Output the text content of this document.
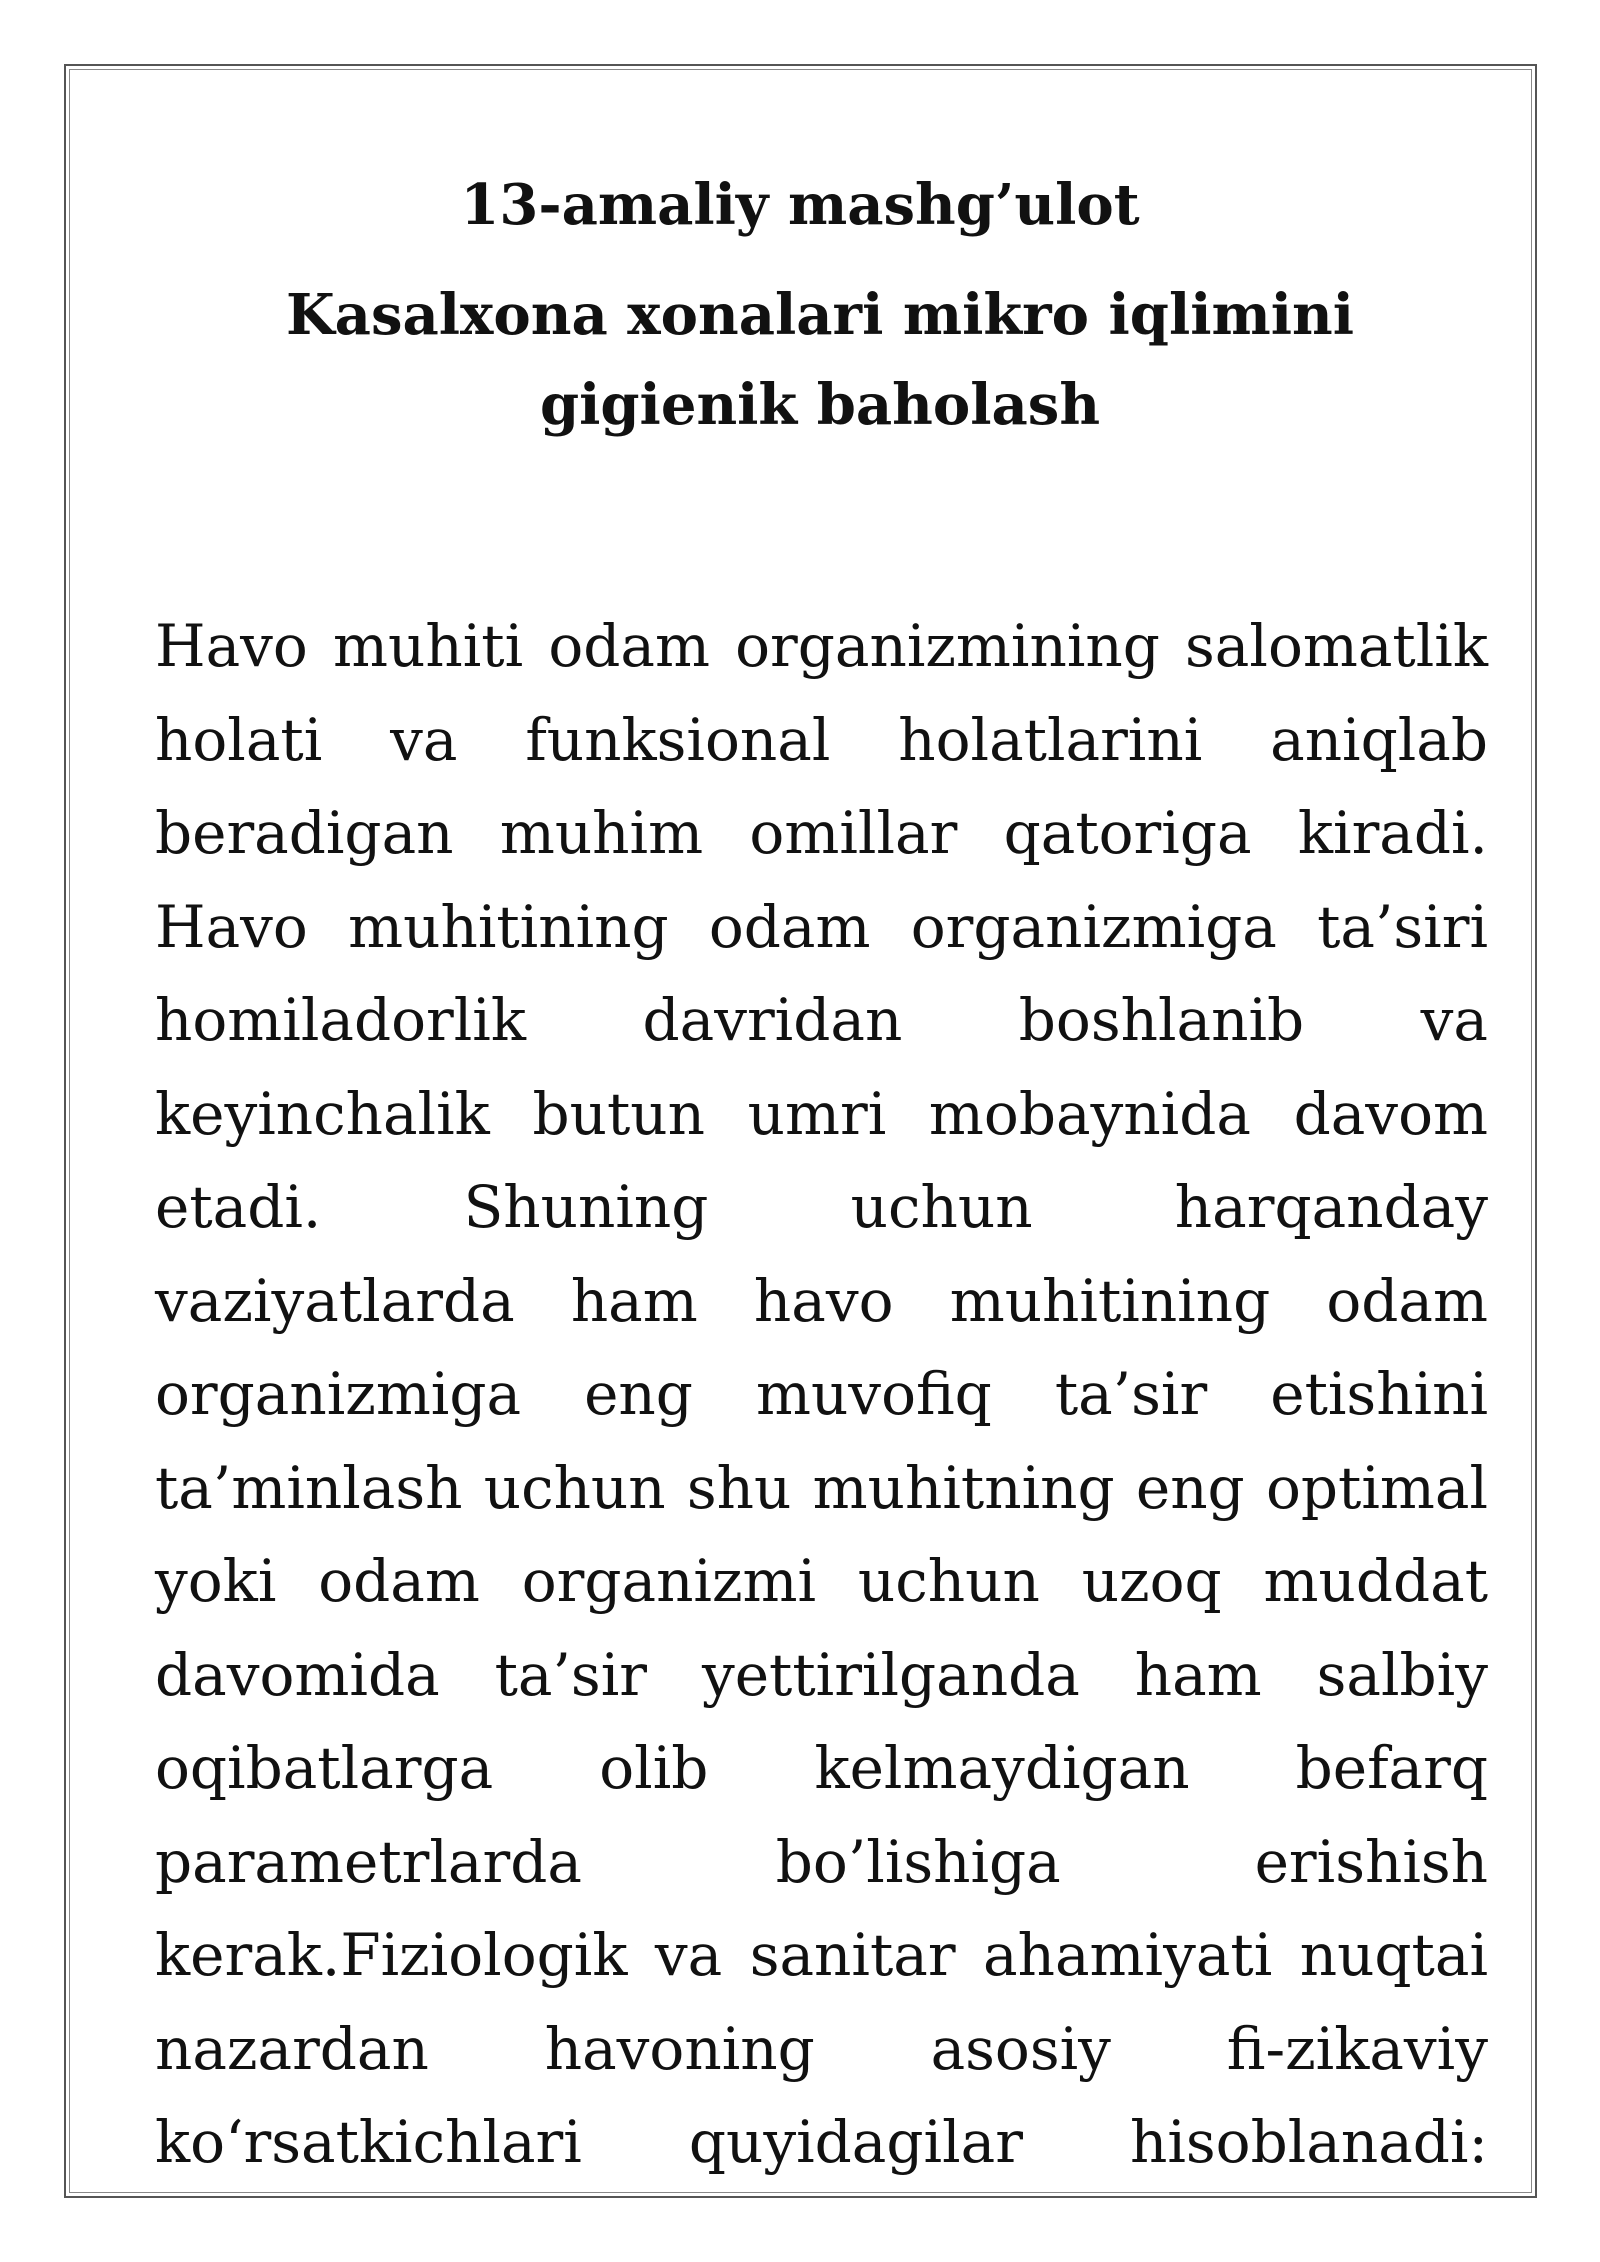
13-amaliy mashg’ulot
Kasalxona xonalari mikro iqlimini gigienik baholash
Havo muhiti odam organizmining salomatlik holati va funksional holatlarini aniqlab beradigan muhim omillar qatoriga kiradi. Havo muhitining odam organizmiga ta’siri homiladorlik davridan boshlanib va keyinchalik butun umri mobaynida davom etadi. Shuning uchun harqanday vaziyatlarda ham havo muhitining odam organizmiga eng muvofiq ta’sir etishini ta’minlash uchun shu muhitning eng optimal yoki odam organizmi uchun uzoq muddat davomida ta’sir yettirilganda ham salbiy oqibatlarga olib kelmaydigan befarq parametrlarda bo’lishiga erishish kerak.Fiziologik va sanitar ahamiyati nuqtai nazardan havoning asosiy fi-zikaviy ko‘rsatkichlari quyidagilar hisoblanadi:
